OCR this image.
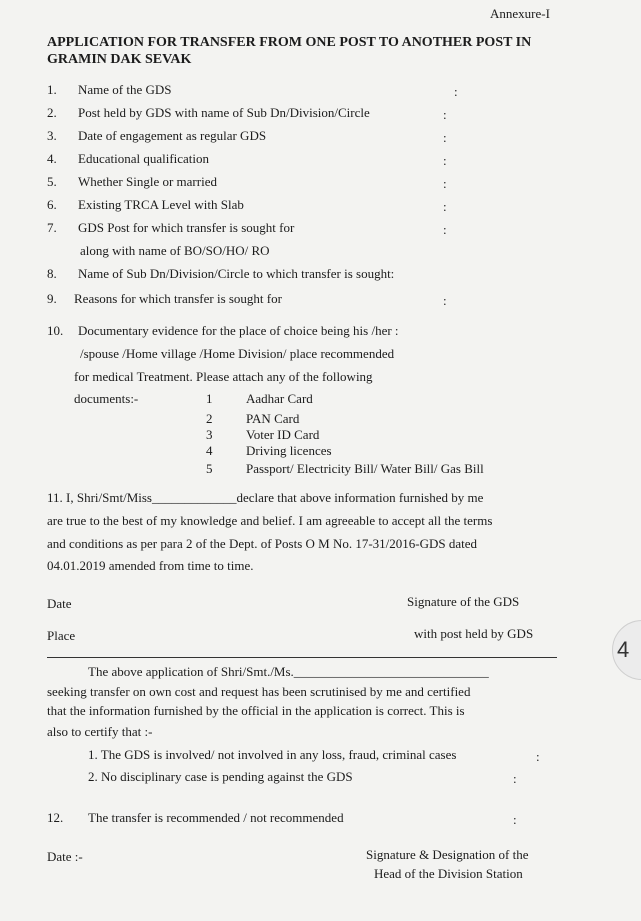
Annexure-I
APPLICATION FOR TRANSFER FROM ONE POST TO ANOTHER POST IN
GRAMIN DAK SEVAK
1. Name of the GDS	:
2. Post held by GDS with name of Sub Dn/Division/Circle	:
3. Date of engagement as regular GDS	:
4. Educational qualification	:
5. Whether Single or married	:
6. Existing TRCA Level with Slab	:
7. GDS Post for which transfer is sought for	:
along with name of BO/SO/HO/ RO
8. Name of Sub Dn/Division/Circle to which transfer is sought:
9. Reasons for which transfer is sought for	:
10. Documentary evidence for the place of choice being his /her :
/spouse /Home village /Home Division/ place recommended
for medical Treatment. Please attach any of the following
documents:-	1	Aadhar Card
2	PAN Card
3	Voter ID Card
4	Driving licences
5	Passport/ Electricity Bill/ Water Bill/ Gas Bill
11. I, Shri/Smt/Miss_____________declare that above information furnished by me
are true to the best of my knowledge and belief. I am agreeable to accept all the terms
and conditions as per para 2 of the Dept. of Posts O M No. 17-31/2016-GDS dated
04.01.2019 amended from time to time.
Date	Signature of the GDS
Place	with post held by GDS
The above application of Shri/Smt./Ms.______________________________
seeking transfer on own cost and request has been scrutinised by me and certified
that the information furnished by the official in the application is correct. This is
also to certify that :-
1. The GDS is involved/ not involved in any loss, fraud, criminal cases	:
2. No disciplinary case is pending against the GDS	:
12. The transfer is recommended / not recommended	:
Date :-	Signature & Designation of the
Head of the Division Station
4
